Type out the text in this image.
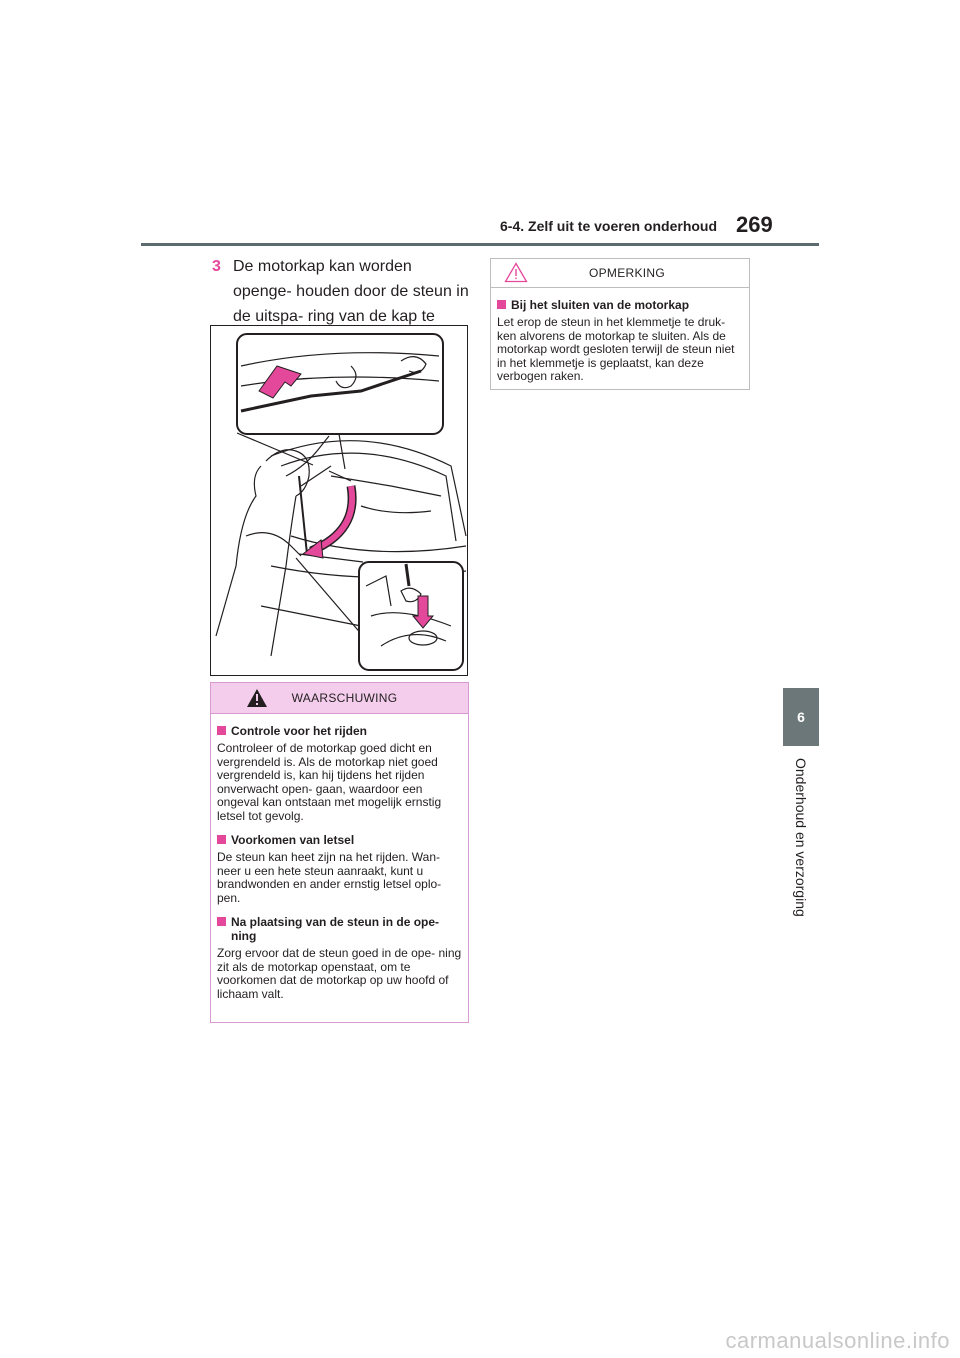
6-4. Zelf uit te voeren onderhoud 269
6
Onderhoud en verzorging
3 De motorkap kan worden openge- houden door de steun in de uitspa- ring van de kap te
WAARSCHUWING
Controle voor het rijden
Controleer of de motorkap goed dicht en vergrendeld is. Als de motorkap niet goed vergrendeld is, kan hij tijdens het rijden onverwacht open- gaan, waardoor een ongeval kan ontstaan met mogelijk ernstig letsel tot gevolg.
Voorkomen van letsel
De steun kan heet zijn na het rijden. Wan- neer u een hete steun aanraakt, kunt u brandwonden en ander ernstig letsel oplo- pen.
Na plaatsing van de steun in de ope- ning
Zorg ervoor dat de steun goed in de ope- ning zit als de motorkap openstaat, om te voorkomen dat de motorkap op uw hoofd of lichaam valt.
OPMERKING
Bij het sluiten van de motorkap
Let erop de steun in het klemmetje te druk- ken alvorens de motorkap te sluiten. Als de motorkap wordt gesloten terwijl de steun niet in het klemmetje is geplaatst, kan deze verbogen raken.
carmanualsonline.info
